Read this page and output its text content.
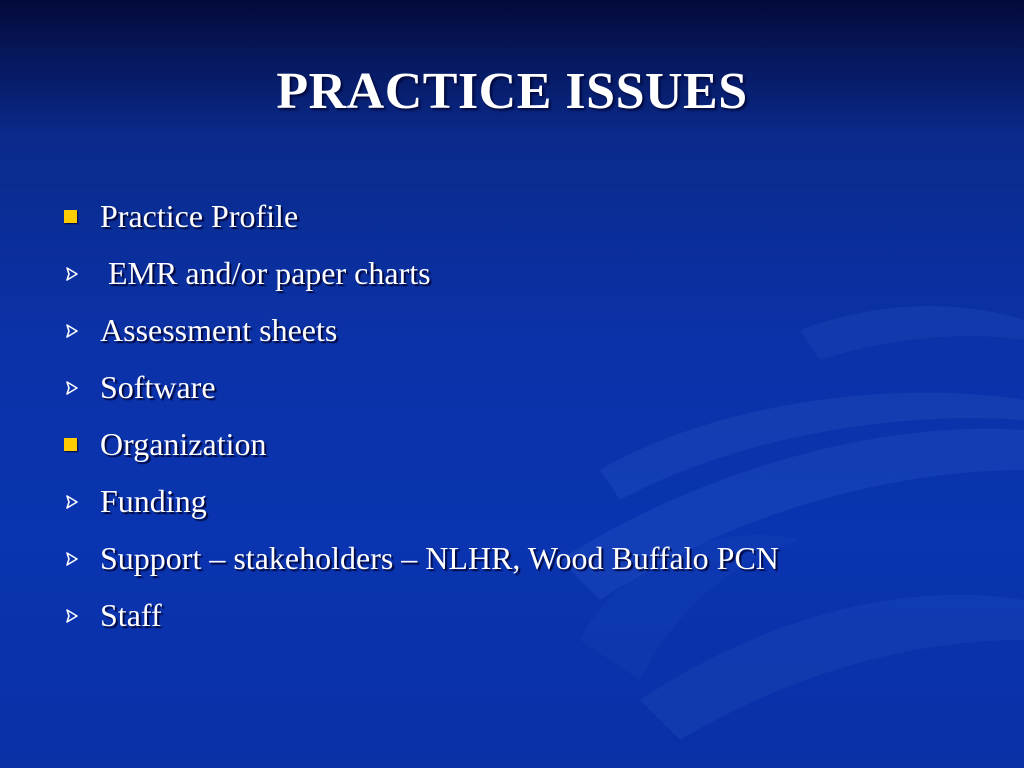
PRACTICE ISSUES
Practice Profile
EMR and/or paper charts
Assessment sheets
Software
Organization
Funding
Support – stakeholders – NLHR, Wood Buffalo PCN
Staff
